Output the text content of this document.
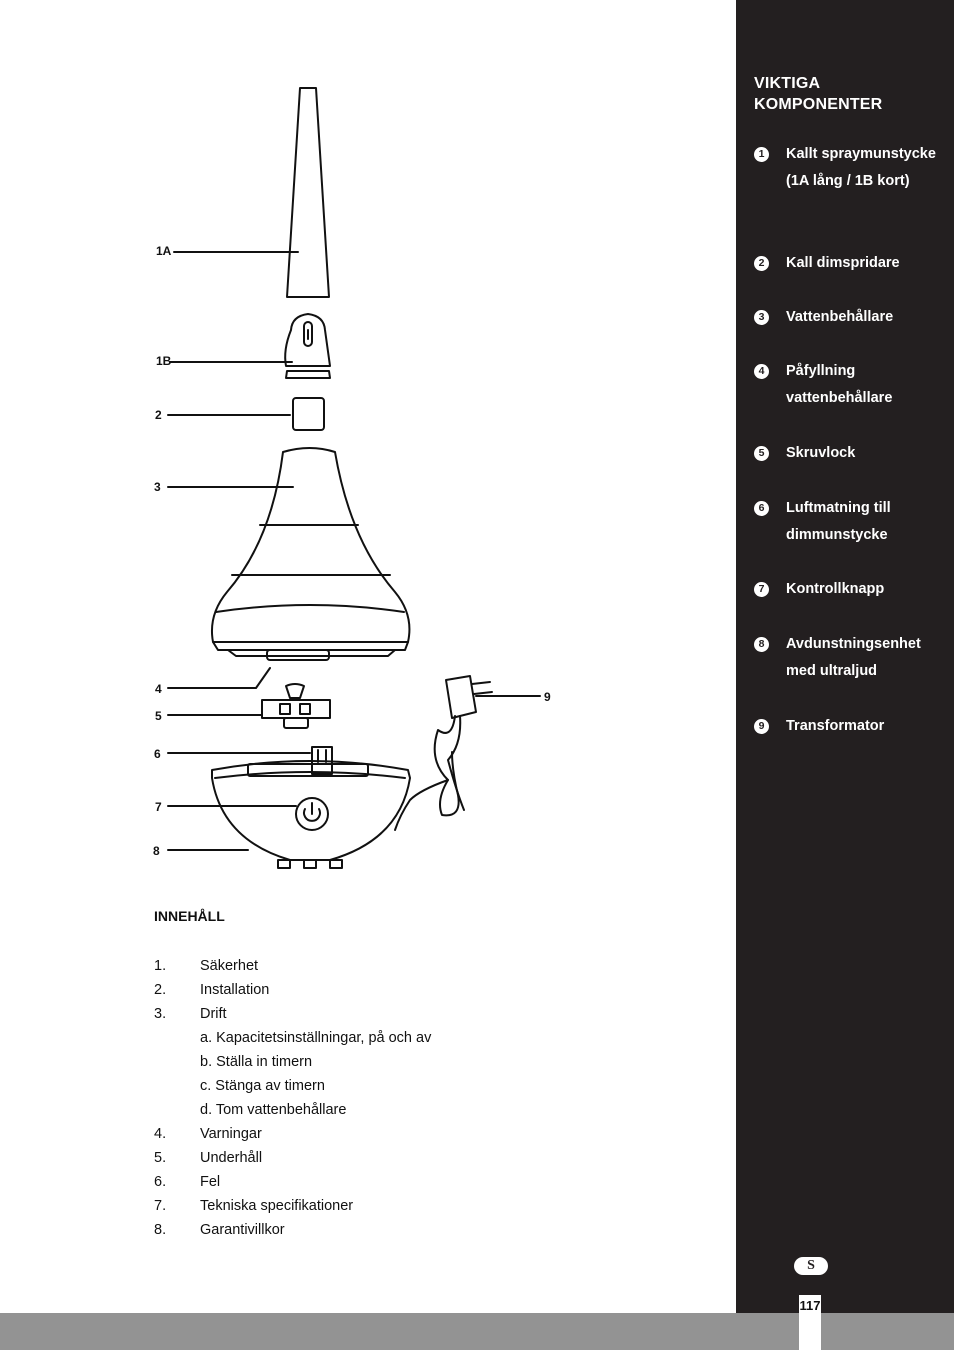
1A
1B
2
3
4
5
6
7
8
9
INNEHÅLL
1. Säkerhet
2. Installation
3. Drift
a. Kapacitetsinställningar, på och av
b. Ställa in timern
c. Stänga av timern
d. Tom vattenbehållare
4. Varningar
5. Underhåll
6. Fel
7. Tekniska specifikationer
8. Garantivillkor
VIKTIGA KOMPONENTER
1	Kallt spraymunstycke (1A lång / 1B kort)
2	Kall dimspridare
3	Vattenbehållare
4	Påfyllning vattenbehållare
5	Skruvlock
6	Luftmatning till dimmunstycke
7	Kontrollknapp
8	Avdunstningsenhet med ultraljud
9	Transformator
S
117
